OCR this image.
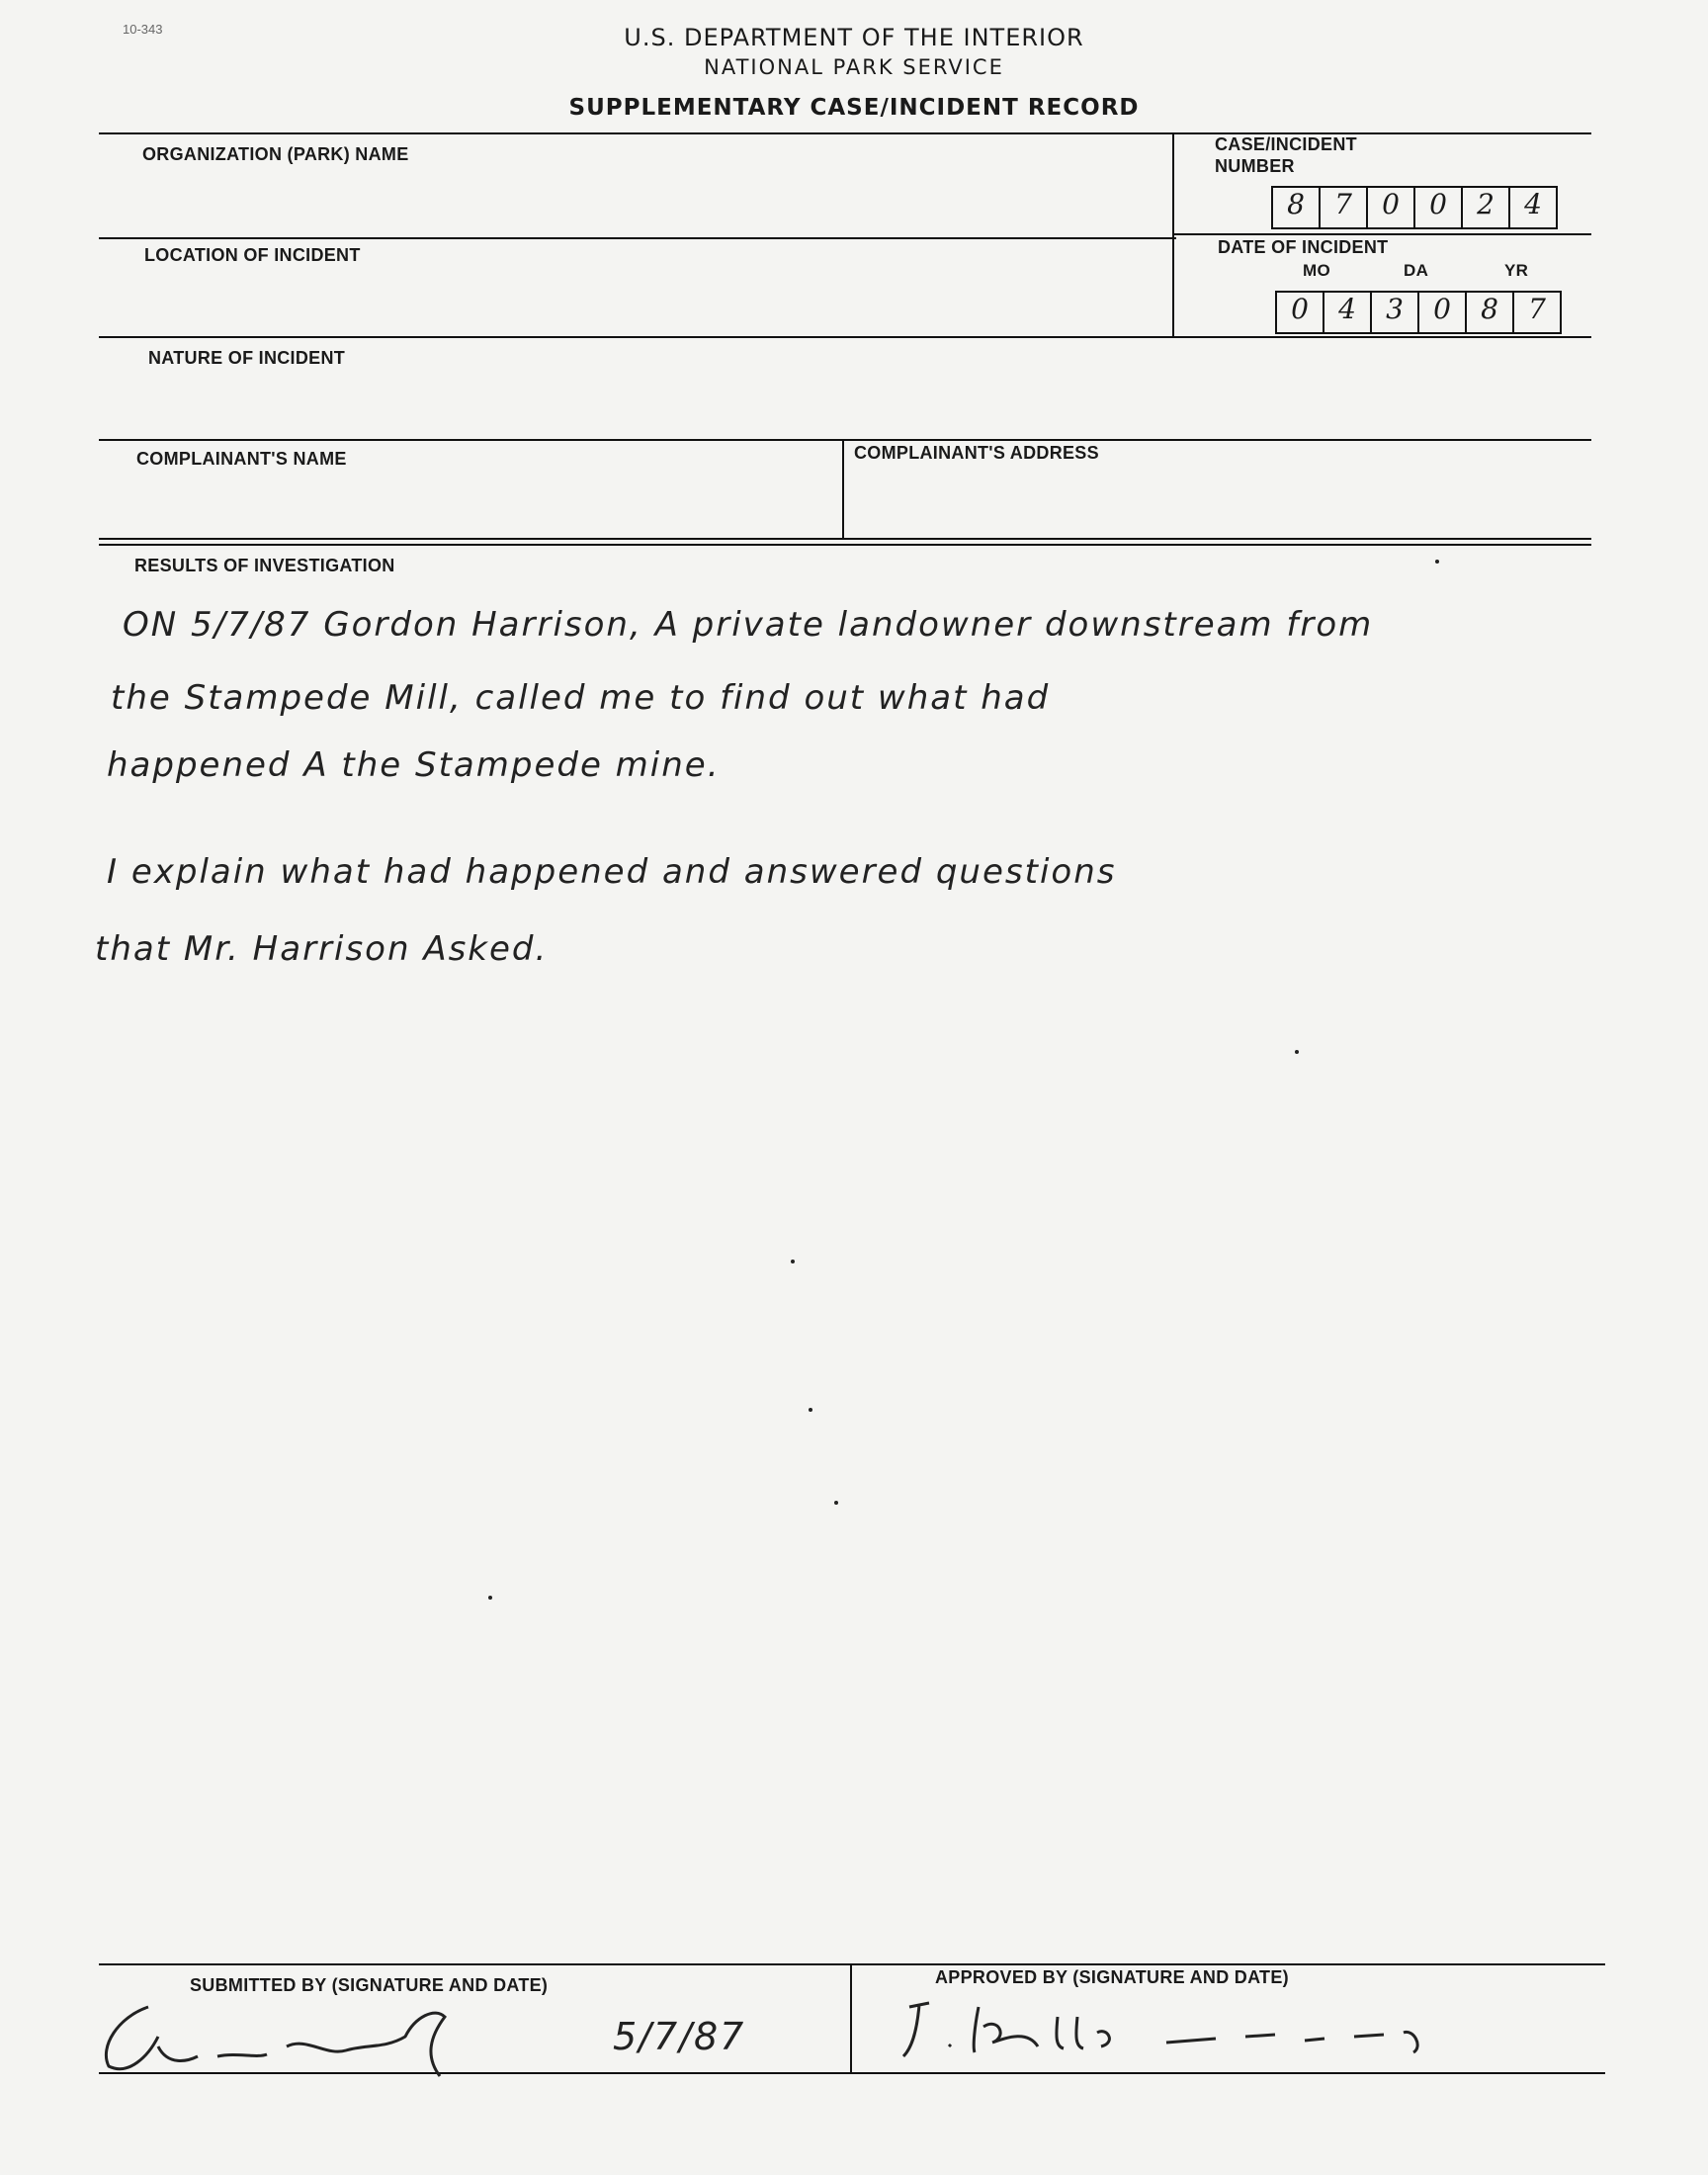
10-343	U.S. DEPARTMENT OF THE INTERIOR
NATIONAL PARK SERVICE
SUPPLEMENTARY CASE/INCIDENT RECORD
ORGANIZATION (PARK) NAME	CASE/INCIDENT
NUMBER
LOCATION OF INCIDENT	DATE OF INCIDENT
MO	DA	YR
NATURE OF INCIDENT
COMPLAINANT'S NAME	COMPLAINANT'S ADDRESS
RESULTS OF INVESTIGATION
8	7	0	0	2	4
0	4	3	0	8	7
ON 5/7/87 Gordon Harrison, A private landowner downstream from
the Stampede Mill, called me to find out what had
happened A the Stampede mine.
I explain what had happened and answered questions
that Mr. Harrison Asked.
SUBMITTED BY (SIGNATURE AND DATE)	APPROVED BY (SIGNATURE AND DATE)
5/7/87
